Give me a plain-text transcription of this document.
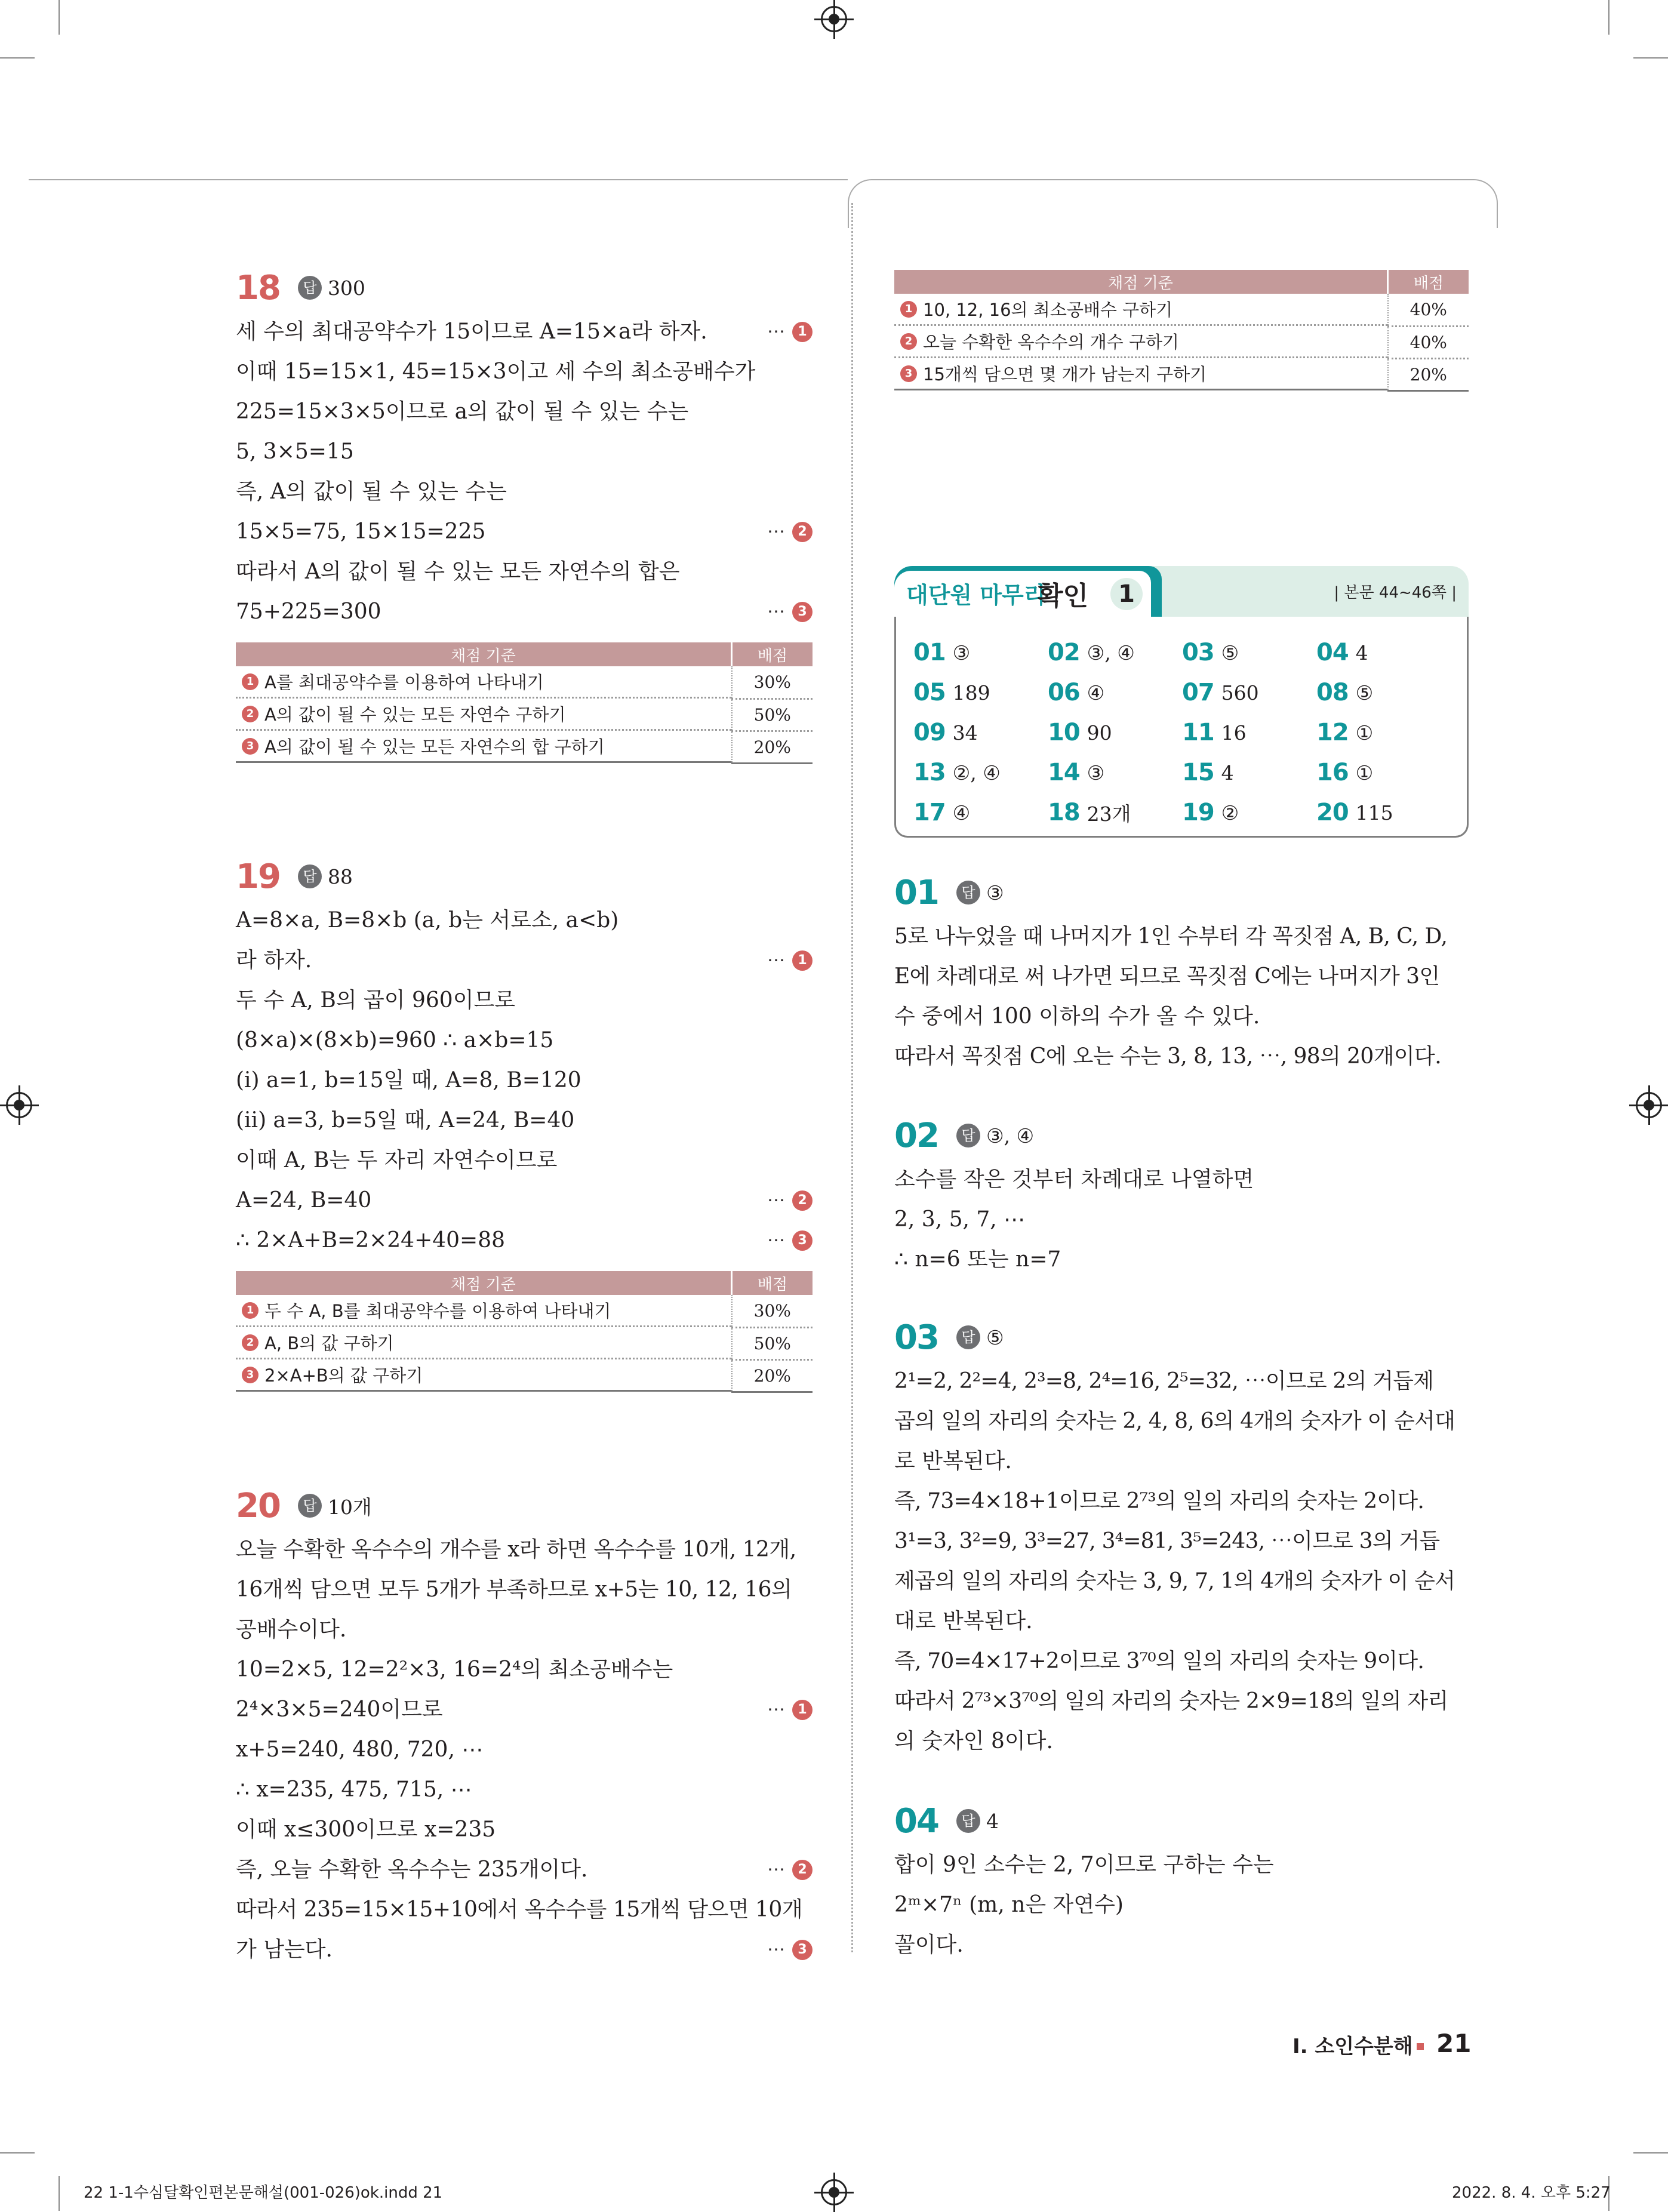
18	답 300
세 수의 최대공약수가 15이므로 A=15×a라 하자.	⋯ 1
이때 15=15×1, 45=15×3이고 세 수의 최소공배수가
225=15×3×5이므로 a의 값이 될 수 있는 수는
5, 3×5=15
즉, A의 값이 될 수 있는 수는
15×5=75, 15×15=225	⋯ 2
따라서 A의 값이 될 수 있는 모든 자연수의 합은
75+225=300	⋯ 3
채점 기준	배점

1 A를 최대공약수를 이용하여 나타내기	30%

2 A의 값이 될 수 있는 모든 자연수 구하기	50%

3 A의 값이 될 수 있는 모든 자연수의 합 구하기	20%
19	답 88
A=8×a, B=8×b (a, b는 서로소, a<b)
라 하자.	⋯ 1
두 수 A, B의 곱이 960이므로
(8×a)×(8×b)=960 ∴ a×b=15
(ⅰ) a=1, b=15일 때, A=8, B=120
(ⅱ) a=3, b=5일 때, A=24, B=40
이때 A, B는 두 자리 자연수이므로
A=24, B=40	⋯ 2
∴ 2×A+B=2×24+40=88	⋯ 3
채점 기준	배점

1 두 수 A, B를 최대공약수를 이용하여 나타내기	30%

2 A, B의 값 구하기	50%

3 2×A+B의 값 구하기	20%
20	답 10개
오늘 수확한 옥수수의 개수를 x라 하면 옥수수를 10개, 12개,
16개씩 담으면 모두 5개가 부족하므로 x+5는 10, 12, 16의
공배수이다.
10=2×5, 12=2²×3, 16=2⁴의 최소공배수는
2⁴×3×5=240이므로	⋯ 1
x+5=240, 480, 720, ⋯
∴ x=235, 475, 715, ⋯
이때 x≤300이므로 x=235
즉, 오늘 수확한 옥수수는 235개이다.	⋯ 2
따라서 235=15×15+10에서 옥수수를 15개씩 담으면 10개
가 남는다.	⋯ 3
채점 기준	배점

1 10, 12, 16의 최소공배수 구하기	40%

2 오늘 수확한 옥수수의 개수 구하기	40%

3 15개씩 담으면 몇 개가 남는지 구하기	20%
대단원 마무리
확인	1	| 본문 44~46쪽 |
01 ③	02 ③, ④ 03 ⑤	04 4
05 189 06 ④	07 560 08 ⑤
09 34	10 90	11 16	12 ①
13 ②, ④ 14 ③	15 4	16 ①
17 ④	18 23개 19 ②	20 115
01	답 ③
5로 나누었을 때 나머지가 1인 수부터 각 꼭짓점 A, B, C, D,
E에 차례대로 써 나가면 되므로 꼭짓점 C에는 나머지가 3인
수 중에서 100 이하의 수가 올 수 있다.
따라서 꼭짓점 C에 오는 수는 3, 8, 13, ⋯, 98의 20개이다.
02	답 ③, ④
소수를 작은 것부터 차례대로 나열하면
2, 3, 5, 7, ⋯
∴ n=6 또는 n=7
03	답 ⑤
2¹=2, 2²=4, 2³=8, 2⁴=16, 2⁵=32, ⋯이므로 2의 거듭제
곱의 일의 자리의 숫자는 2, 4, 8, 6의 4개의 숫자가 이 순서대
로 반복된다.
즉, 73=4×18+1이므로 2⁷³의 일의 자리의 숫자는 2이다.
3¹=3, 3²=9, 3³=27, 3⁴=81, 3⁵=243, ⋯이므로 3의 거듭
제곱의 일의 자리의 숫자는 3, 9, 7, 1의 4개의 숫자가 이 순서
대로 반복된다.
즉, 70=4×17+2이므로 3⁷⁰의 일의 자리의 숫자는 9이다.
따라서 2⁷³×3⁷⁰의 일의 자리의 숫자는 2×9=18의 일의 자리
의 숫자인 8이다.
04	답 4
합이 9인 소수는 2, 7이므로 구하는 수는
2ᵐ×7ⁿ (m, n은 자연수)
꼴이다.
Ⅰ. 소인수분해 21
22 1-1수심달확인편본문해설(001-026)ok.indd 21	2022. 8. 4. 오후 5:27
